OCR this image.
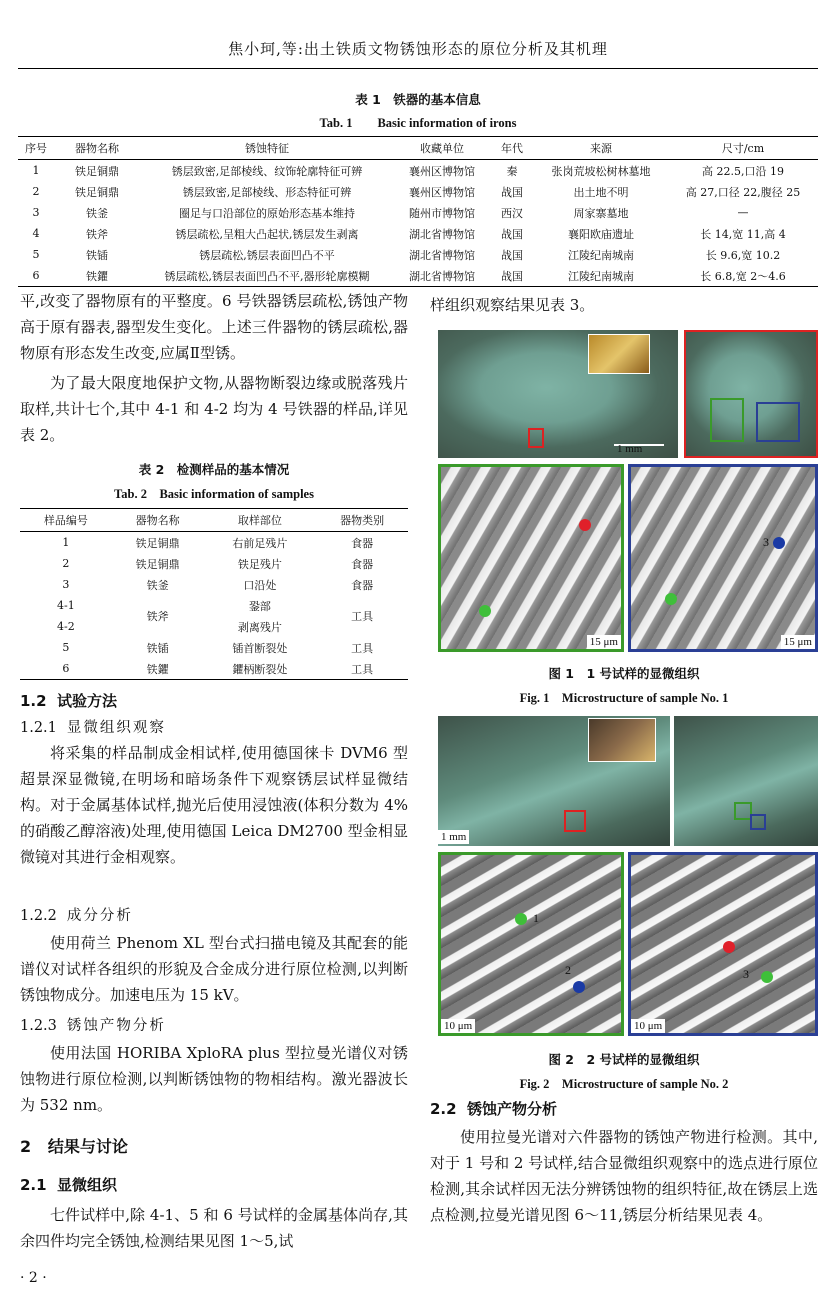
焦小珂,等:出土铁质文物锈蚀形态的原位分析及其机理
表 1　铁器的基本信息
Tab. 1　　Basic information of irons
序号	器物名称	锈蚀特征	收藏单位	年代	来源	尺寸/cm
1	铁足铜鼎	锈层致密,足部棱线、纹饰轮廓特征可辨	襄州区博物馆	秦	张岗荒坡松树林墓地	高 22.5,口沿 19
2	铁足铜鼎	锈层致密,足部棱线、形态特征可辨	襄州区博物馆	战国	出土地不明	高 27,口径 22,腹径 25
3	铁釜	圈足与口沿部位的原始形态基本维持	随州市博物馆	西汉	周家寨墓地	—
4	铁斧	锈层疏松,呈粗大凸起状,锈层发生剥离	湖北省博物馆	战国	襄阳欧庙遗址	长 14,宽 11,高 4
5	铁锸	锈层疏松,锈层表面凹凸不平	湖北省博物馆	战国	江陵纪南城南	长 9.6,宽 10.2
6	铁鑺	锈层疏松,锈层表面凹凸不平,器形轮廓模糊	湖北省博物馆	战国	江陵纪南城南	长 6.8,宽 2～4.6
平,改变了器物原有的平整度。6 号铁器锈层疏松,锈蚀产物高于原有器表,器型发生变化。上述三件器物的锈层疏松,器物原有形态发生改变,应属Ⅱ型锈。
为了最大限度地保护文物,从器物断裂边缘或脱落残片取样,共计七个,其中 4-1 和 4-2 均为 4 号铁器的样品,详见表 2。
表 2　检测样品的基本情况
Tab. 2　Basic information of samples
样品编号	器物名称	取样部位	器物类别
1	铁足铜鼎	右前足残片	食器
2	铁足铜鼎	铁足残片	食器
3	铁釜	口沿处	食器
4-1	铁斧	銎部	工具
4-2		剥离残片	
5	铁锸	锸首断裂处	工具
6	铁鑺	鑺柄断裂处	工具
1.2 试验方法
1.2.1 显微组织观察
将采集的样品制成金相试样,使用德国徕卡 DVM6 型超景深显微镜,在明场和暗场条件下观察锈层试样显微结构。对于金属基体试样,抛光后使用浸蚀液(体积分数为 4%的硝酸乙醇溶液)处理,使用德国 Leica DM2700 型金相显微镜对其进行金相观察。
1.2.2 成分分析
使用荷兰 Phenom XL 型台式扫描电镜及其配套的能谱仪对试样各组织的形貌及合金成分进行原位检测,以判断锈蚀物成分。加速电压为 15 kV。
1.2.3 锈蚀产物分析
使用法国 HORIBA XploRA plus 型拉曼光谱仪对锈蚀物进行原位检测,以判断锈蚀物的物相结构。激光器波长为 532 nm。
2 结果与讨论
2.1 显微组织
七件试样中,除 4-1、5 和 6 号试样的金属基体尚存,其余四件均完全锈蚀,检测结果见图 1～5,试
样组织观察结果见表 3。
1 mm
15 μm
3
15 μm
图 1　1 号试样的显微组织
Fig. 1　Microstructure of sample No. 1
1 mm
1
2
10 μm
3
10 μm
图 2　2 号试样的显微组织
Fig. 2　Microstructure of sample No. 2
2.2 锈蚀产物分析
使用拉曼光谱对六件器物的锈蚀产物进行检测。其中,对于 1 号和 2 号试样,结合显微组织观察中的选点进行原位检测,其余试样因无法分辨锈蚀物的组织特征,故在锈层上选点检测,拉曼光谱见图 6～11,锈层分析结果见表 4。
· 2 ·
